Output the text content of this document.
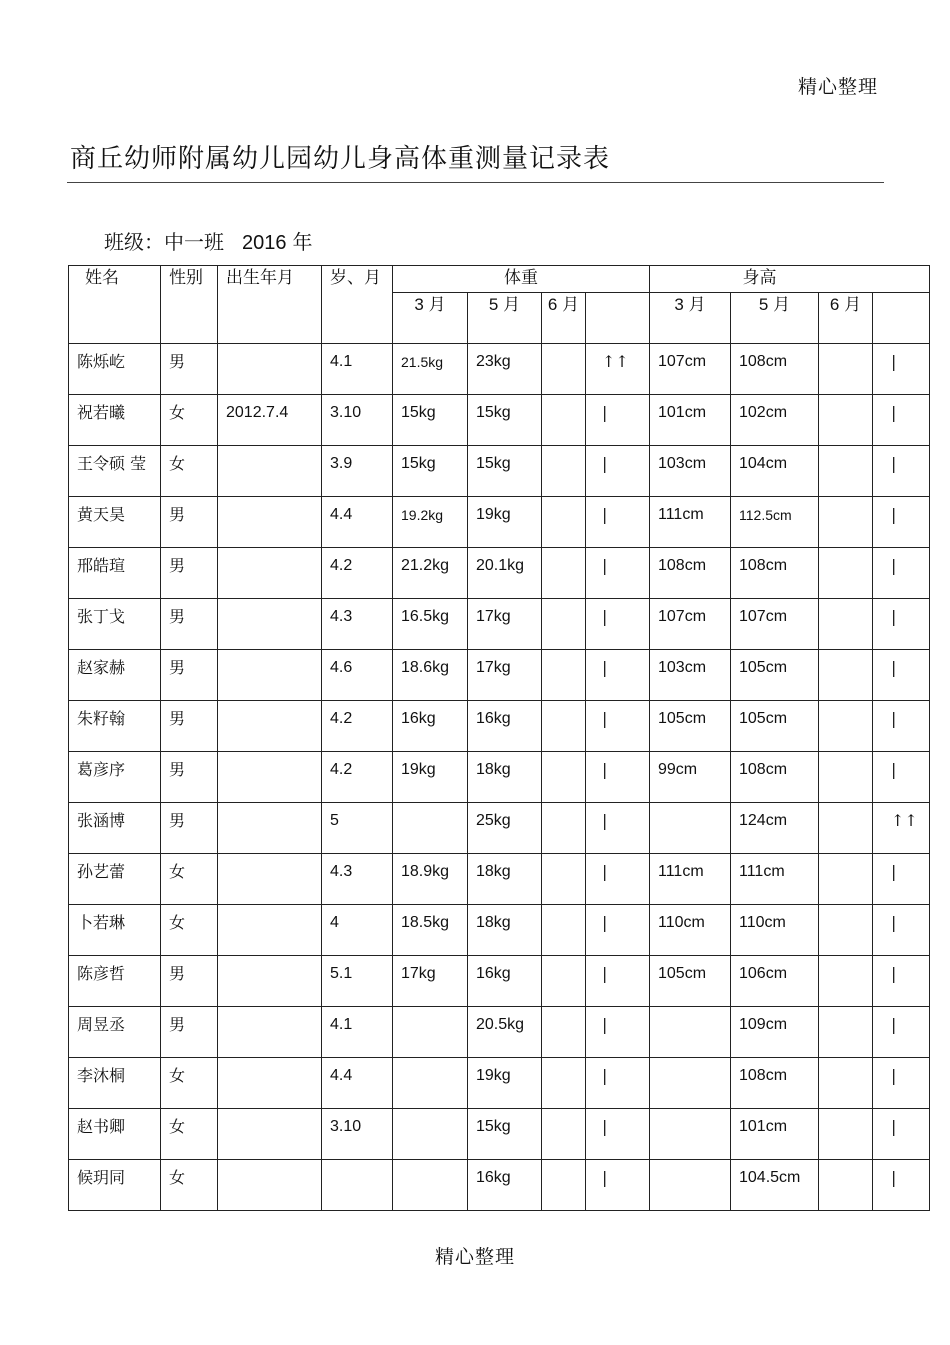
精心整理
商丘幼师附属幼儿园幼儿身高体重测量记录表
班级：中一班 2016 年
姓名	性别	出生年月	岁、月	体重				身高			
				3 月	5 月	6 月		3 月	5 月	6 月	
陈烁屹	男		4.1	21.5kg	23kg		↑↑	107cm	108cm		|
祝若曦	女	2012.7.4	3.10	15kg	15kg		|	101cm	102cm		|
王令硕 莹	女		3.9	15kg	15kg		|	103cm	104cm		|
黄天昊	男		4.4	19.2kg	19kg		|	111cm	112.5cm		|
邢皓瑄	男		4.2	21.2kg	20.1kg		|	108cm	108cm		|
张丁戈	男		4.3	16.5kg	17kg		|	107cm	107cm		|
赵家赫	男		4.6	18.6kg	17kg		|	103cm	105cm		|
朱籽翰	男		4.2	16kg	16kg		|	105cm	105cm		|
葛彦序	男		4.2	19kg	18kg		|	99cm	108cm		|
张涵博	男		5		25kg		|		124cm		↑↑
孙艺蕾	女		4.3	18.9kg	18kg		|	111cm	111cm		|
卜若琳	女		4	18.5kg	18kg		|	110cm	110cm		|
陈彦哲	男		5.1	17kg	16kg		|	105cm	106cm		|
周昱丞	男		4.1		20.5kg		|		109cm		|
李沐桐	女		4.4		19kg		|		108cm		|
赵书卿	女		3.10		15kg		|		101cm		|
候玥同	女				16kg		|		104.5cm		|
精心整理
